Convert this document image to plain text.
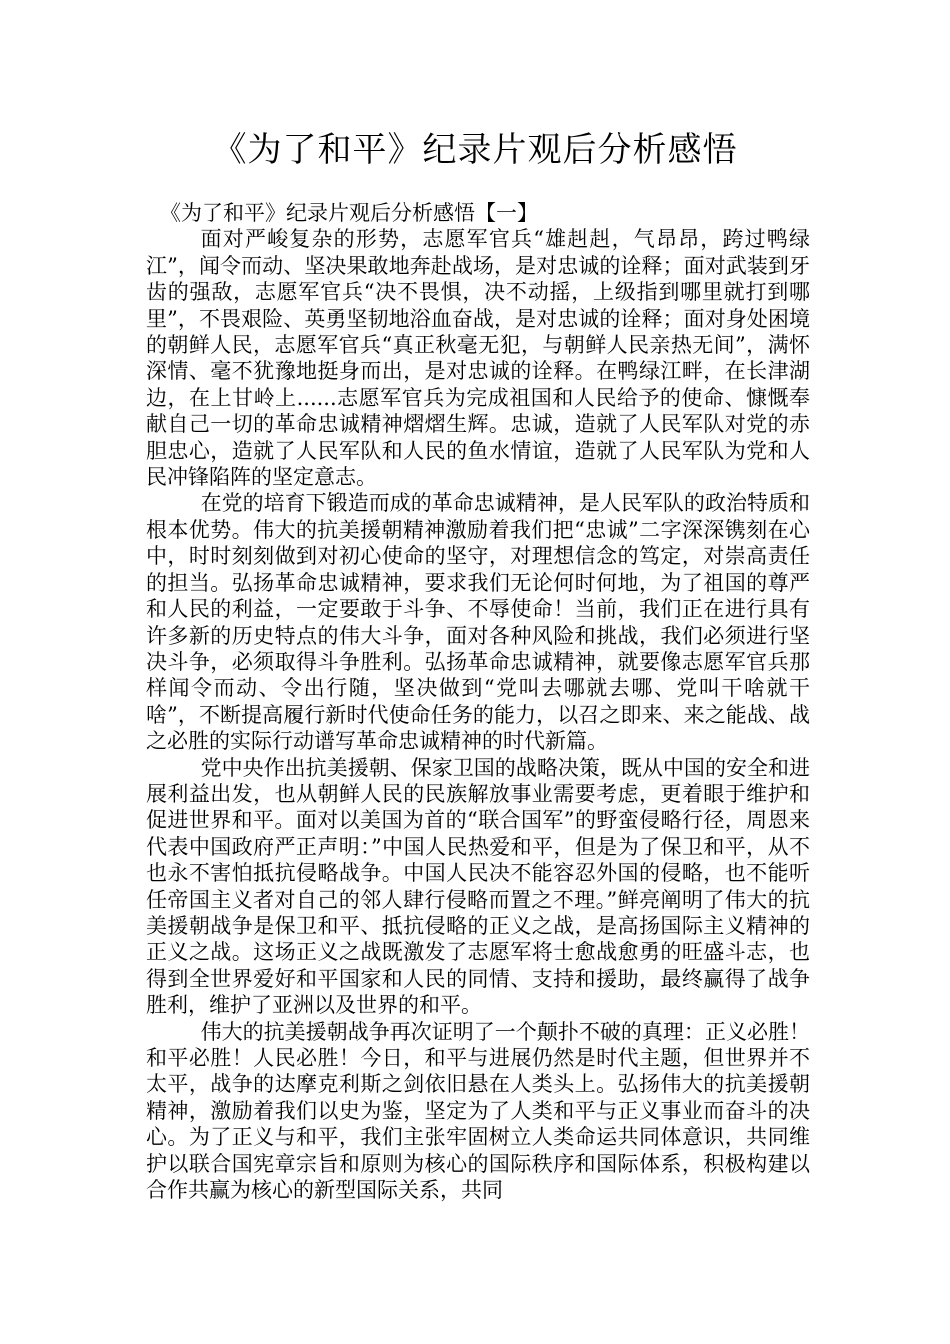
《为了和平》纪录片观后分析感悟
《为了和平》纪录片观后分析感悟【一】

面对严峻复杂的形势，志愿军官兵“雄赳赳，气昂昂，跨过鸭绿江”，闻令而动、坚决果敢地奔赴战场，是对忠诚的诠释；面对武装到牙齿的强敌，志愿军官兵“决不畏惧，决不动摇，上级指到哪里就打到哪里”，不畏艰险、英勇坚韧地浴血奋战，是对忠诚的诠释；面对身处困境的朝鲜人民，志愿军官兵“真正秋毫无犯，与朝鲜人民亲热无间”，满怀深情、毫不犹豫地挺身而出，是对忠诚的诠释。在鸭绿江畔，在长津湖边，在上甘岭上......志愿军官兵为完成祖国和人民给予的使命、慷慨奉献自己一切的革命忠诚精神熠熠生辉。忠诚，造就了人民军队对党的赤胆忠心，造就了人民军队和人民的鱼水情谊，造就了人民军队为党和人民冲锋陷阵的坚定意志。

在党的培育下锻造而成的革命忠诚精神，是人民军队的政治特质和根本优势。伟大的抗美援朝精神激励着我们把“忠诚”二字深深镌刻在心中，时时刻刻做到对初心使命的坚守，对理想信念的笃定，对崇高责任的担当。弘扬革命忠诚精神，要求我们无论何时何地，为了祖国的尊严和人民的利益，一定要敢于斗争、不辱使命！当前，我们正在进行具有许多新的历史特点的伟大斗争，面对各种风险和挑战，我们必须进行坚决斗争，必须取得斗争胜利。弘扬革命忠诚精神，就要像志愿军官兵那样闻令而动、令出行随，坚决做到“党叫去哪就去哪、党叫干啥就干啥”，不断提高履行新时代使命任务的能力，以召之即来、来之能战、战之必胜的实际行动谱写革命忠诚精神的时代新篇。

党中央作出抗美援朝、保家卫国的战略决策，既从中国的安全和进展利益出发，也从朝鲜人民的民族解放事业需要考虑，更着眼于维护和促进世界和平。面对以美国为首的“联合国军”的野蛮侵略行径，周恩来代表中国政府严正声明：”中国人民热爱和平，但是为了保卫和平，从不也永不害怕抵抗侵略战争。中国人民决不能容忍外国的侵略，也不能听任帝国主义者对自己的邻人肆行侵略而置之不理。”鲜亮阐明了伟大的抗美援朝战争是保卫和平、抵抗侵略的正义之战，是高扬国际主义精神的正义之战。这场正义之战既激发了志愿军将士愈战愈勇的旺盛斗志，也得到全世界爱好和平国家和人民的同情、支持和援助，最终赢得了战争胜利，维护了亚洲以及世界的和平。

伟大的抗美援朝战争再次证明了一个颠扑不破的真理：正义必胜！和平必胜！人民必胜！今日，和平与进展仍然是时代主题，但世界并不太平，战争的达摩克利斯之剑依旧悬在人类头上。弘扬伟大的抗美援朝精神，激励着我们以史为鉴，坚定为了人类和平与正义事业而奋斗的决心。为了正义与和平，我们主张牢固树立人类命运共同体意识，共同维护以联合国宪章宗旨和原则为核心的国际秩序和国际体系，积极构建以合作共赢为核心的新型国际关系，共同
